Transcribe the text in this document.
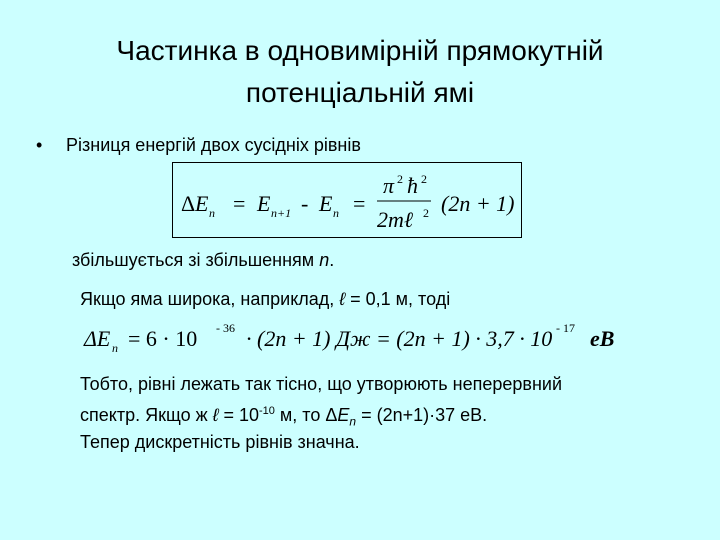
Частинка в одновимірній прямокутній
потенціальній ямі
• Різниця енергій двох сусідніх рівнів
Δ E n = E n+1 - E n =
π 2 ħ 2
2mℓ 2 (2n + 1)
збільшується зі збільшенням n.
Якщо яма широка, наприклад, ℓ = 0,1 м, тоді
ΔE n = 6 · 10 - 36 · (2n + 1) Дж = (2n + 1) · 3,7 · 10 - 17 еВ
Тобто, рівні лежать так тісно, що утворюють неперервний
спектр. Якщо ж ℓ = $10^{-10}$ м, то $\Delta E_n = (2n+1)\cdot 37$ еВ.
Тепер дискретність рівнів значна.
